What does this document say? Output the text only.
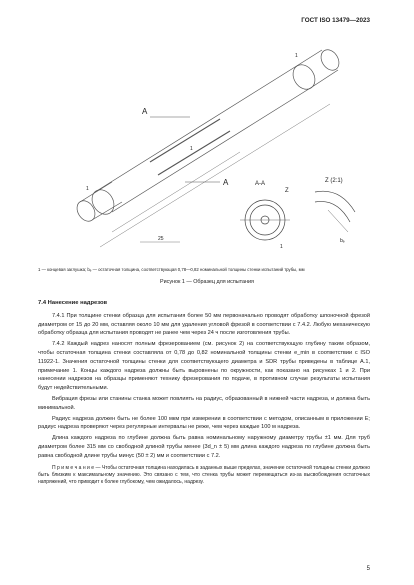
ГОСТ ISO 13479—2023
A
A	A-A
Z
Z (2:1)
1
1
1
25
1
bₑ
1 — концевая заглушка; bₑ — остаточная толщина, соответствующая 0,78—0,82 номинальной толщины стенки испытаний трубы, мм
Рисунок 1 — Образец для испытания
7.4 Нанесение надрезов

7.4.1 При толщине стенки образца для испытания более 50 мм первоначально проводят обработку шпоночной фрезой диаметром от 15 до 20 мм, оставляя около 10 мм для удаления угловой фрезой в соответствии с 7.4.2. Любую механическую обработку образца для испытания проводят не ранее чем через 24 ч после изготовления трубы.

7.4.2 Каждый надрез наносят полным фрезерованием (см. рисунок 2) на соответствующую глубину таким образом, чтобы остаточная толщина стенки составляла от 0,78 до 0,82 номинальной толщины стенки e_min в соответствии с ISO 11922-1. Значения остаточной толщины стенки для соответствующего диаметра и SDR трубы приведены в таблице А.1, примечание 1. Концы каждого надреза должны быть выровнены по окружности, как показано на рисунках 1 и 2. При нанесении надрезов на образцы применяют технику фрезерования по подаче, в противном случае результаты испытания будут недействительными.

Вибрация фрезы или станины станка может повлиять на радиус, образованный в нижней части надреза, и должна быть минимальной.

Радиус надреза должен быть не более 100 мкм при измерении в соответствии с методом, описанным в приложении Е; радиус надреза проверяют через регулярные интервалы не реже, чем через каждые 100 м надреза.

Длина каждого надреза по глубине должна быть равна номинальному наружному диаметру трубы ±1 мм. Для труб диаметром более 315 мм со свободной длиной трубы менее (3d_n ± 5) мм длина каждого надреза по глубине должна быть равна свободной длине трубы минус (50 ± 2) мм и соответствии с 7.2.

П р и м е ч а н и е — Чтобы остаточная толщина находилась в заданных выше пределах, значение остаточной толщины стенки должно быть близким к максимальному значению. Это связано с тем, что стенка трубы может перемещаться из-за высвобождения остаточных напряжений, что приводит к более глубокому, чем ожидалось, надрезу.

5
